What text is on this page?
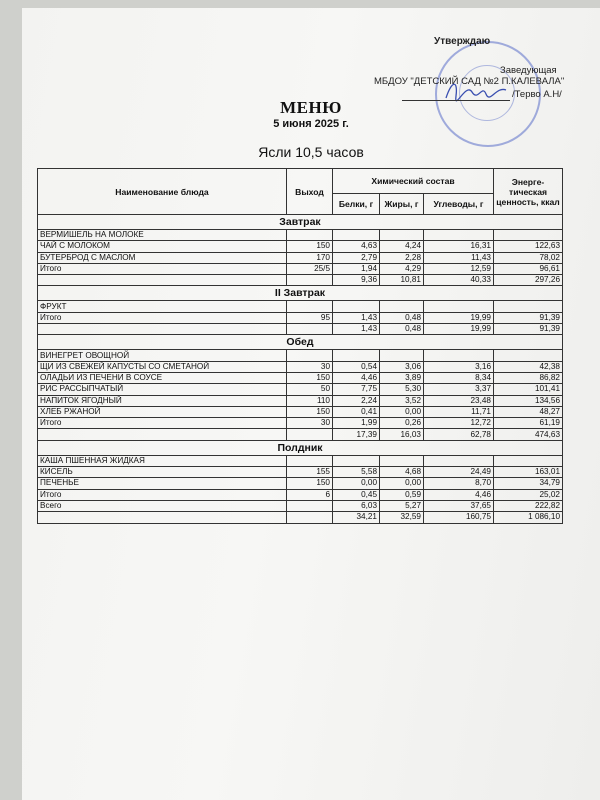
Утверждаю
Заведующая
МБДОУ "ДЕТСКИЙ САД №2 П.КАЛЕВАЛА"
/Терво А.Н/
МЕНЮ
5 июня 2025 г.
Ясли 10,5 часов
Наименование блюда	Выход	Химический состав			Энерге-тическая ценность, ккал
		Белки, г	Жиры, г	Углеводы, г	
Завтрак					
ВЕРМИШЕЛЬ НА МОЛОКЕ					
ЧАЙ С МОЛОКОМ	150	4,63	4,24	16,31	122,63
БУТЕРБРОД С МАСЛОМ	170	2,79	2,28	11,43	78,02
Итого	25/5	1,94	4,29	12,59	96,61
		9,36	10,81	40,33	297,26
II Завтрак					
ФРУКТ					
Итого	95	1,43	0,48	19,99	91,39
		1,43	0,48	19,99	91,39
Обед					
ВИНЕГРЕТ ОВОЩНОЙ					
ЩИ ИЗ СВЕЖЕЙ КАПУСТЫ СО СМЕТАНОЙ	30	0,54	3,06	3,16	42,38
ОЛАДЬИ ИЗ ПЕЧЕНИ В СОУСЕ	150	4,46	3,89	8,34	86,82
РИС РАССЫПЧАТЫЙ	50	7,75	5,30	3,37	101,41
НАПИТОК ЯГОДНЫЙ	110	2,24	3,52	23,48	134,56
ХЛЕБ РЖАНОЙ	150	0,41	0,00	11,71	48,27
Итого	30	1,99	0,26	12,72	61,19
		17,39	16,03	62,78	474,63
Полдник					
КАША ПШЕННАЯ ЖИДКАЯ					
КИСЕЛЬ	155	5,58	4,68	24,49	163,01
ПЕЧЕНЬЕ	150	0,00	0,00	8,70	34,79
Итого	6	0,45	0,59	4,46	25,02
Всего		6,03	5,27	37,65	222,82
		34,21	32,59	160,75	1 086,10
